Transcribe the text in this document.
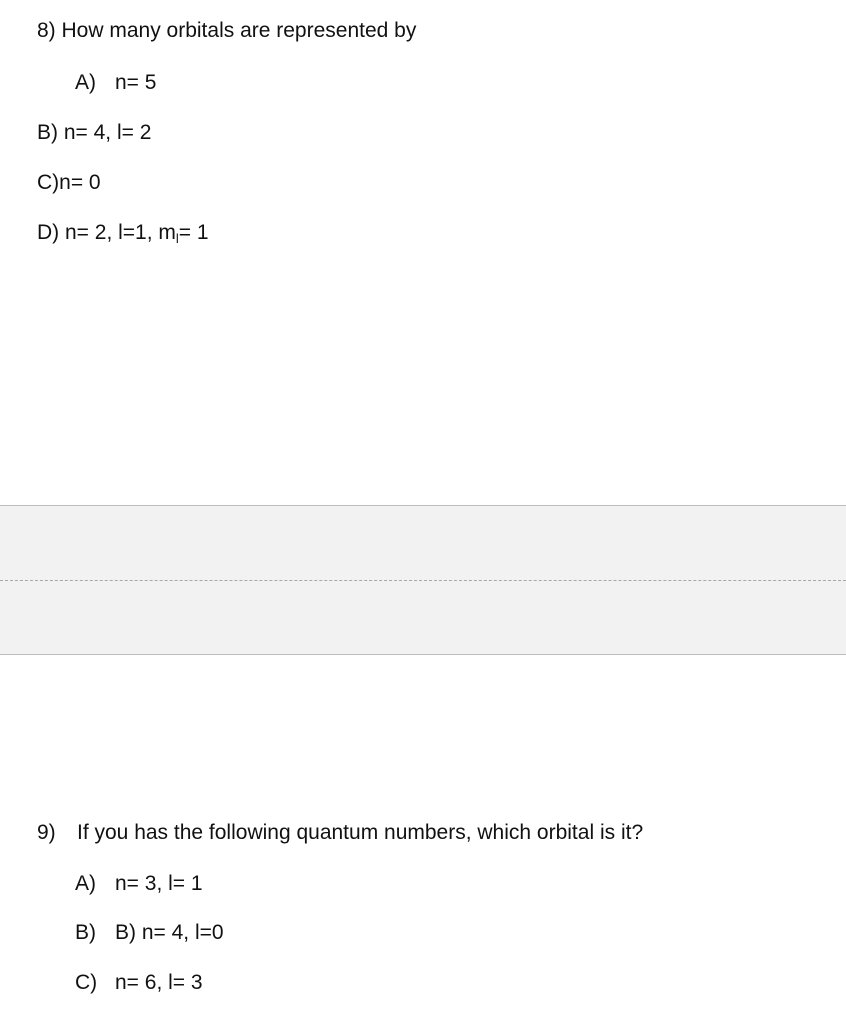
8) How many orbitals are represented by
A) n= 5
B) n= 4, l= 2
C)n= 0
D) n= 2, l=1, $m_l= 1$
9) If you has the following quantum numbers, which orbital is it?
A) n= 3, l= 1
B) B) n= 4, l=0
C) n= 6, l= 3
